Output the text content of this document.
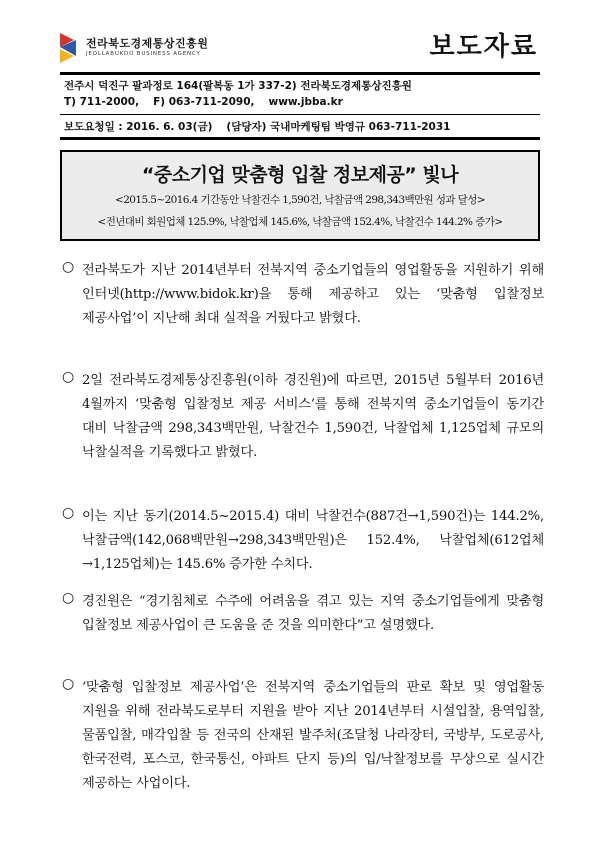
전라북도경제통상진흥원
JEOLLABUKDO BUSINESS AGENCY	보도자료
전주시 덕진구 팔과정로 164(팔복동 1가 337-2) 전라북도경제통상진흥원
T) 711-2000, F) 063-711-2090, www.jbba.kr
보도요청일 : 2016. 6. 03(금) (담당자) 국내마케팅팀 박영규 063-711-2031
“중소기업 맞춤형 입찰 정보제공” 빛나
<2015.5~2016.4 기간동안 낙찰건수 1,590건, 낙찰금액 298,343백만원 성과 달성>
<전년대비 회원업체 125.9%, 낙찰업체 145.6%, 낙찰금액 152.4%, 낙찰건수 144.2% 증가>
○ 전라북도가 지난 2014년부터 전북지역 중소기업들의 영업활동을 지원하기 위해 인터넷(http://www.bidok.kr)을 통해 제공하고 있는 ‘맞춤형 입찰정보 제공사업’이 지난해 최대 실적을 거뒀다고 밝혔다.
○ 2일 전라북도경제통상진흥원(이하 경진원)에 따르면, 2015년 5월부터 2016년 4월까지 ‘맞춤형 입찰정보 제공 서비스’를 통해 전북지역 중소기업들이 동기간 대비 낙찰금액 298,343백만원, 낙찰건수 1,590건, 낙찰업체 1,125업체 규모의 낙찰실적을 기록했다고 밝혔다.
○ 이는 지난 동기(2014.5~2015.4) 대비 낙찰건수(887건→1,590건)는 144.2%, 낙찰금액(142,068백만원→298,343백만원)은 152.4%, 낙찰업체(612업체→1,125업체)는 145.6% 증가한 수치다.
○ 경진원은 “경기침체로 수주에 어려움을 겪고 있는 지역 중소기업들에게 맞춤형 입찰정보 제공사업이 큰 도움을 준 것을 의미한다”고 설명했다.
○ ‘맞춤형 입찰정보 제공사업’은 전북지역 중소기업들의 판로 확보 및 영업활동 지원을 위해 전라북도로부터 지원을 받아 지난 2014년부터 시설입찰, 용역입찰, 물품입찰, 매각입찰 등 전국의 산재된 발주처(조달청 나라장터, 국방부, 도로공사, 한국전력, 포스코, 한국통신, 아파트 단지 등)의 입/낙찰정보를 무상으로 실시간 제공하는 사업이다.
